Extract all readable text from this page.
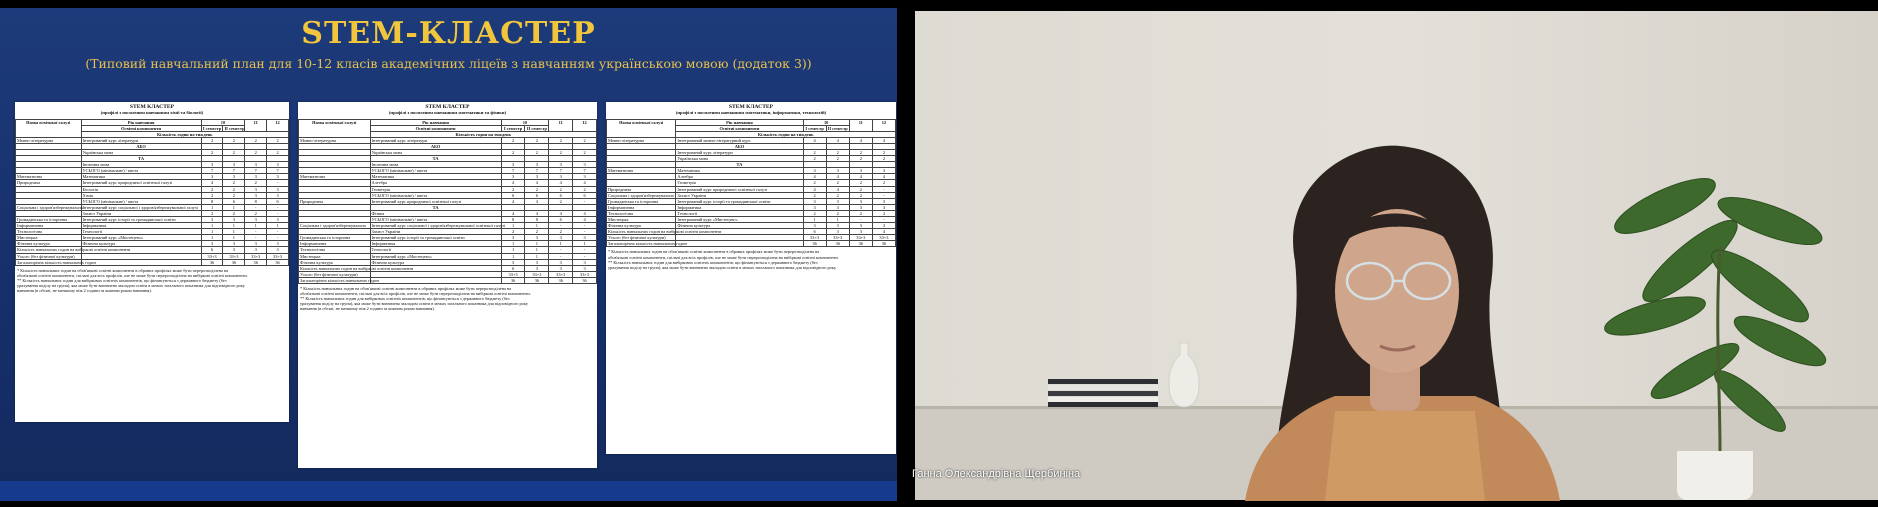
STEM-КЛАСТЕР
(Типовий навчальний план для 10-12 класів академічних ліцеїв з навчанням українською мовою (додаток 3))
STEM КЛАСТЕР
(профілі з посиленим навчанням хімії та біології)
Назва освітньої галузі	Рік навчання	10		11	12
	Освітні компоненти	I семестр	II семестр		
	Кількість годин на тиждень				
Мовно-літературна	Інтегрований курс літератури	2	2	2	2
	АБО				
	Українська мова	2	2	2	2
	ТА				
	Іноземна мова	3	3	3	3
	УСЬОГО (мінімальне) / квота	7	7	7	7
Математична	Математика	3	3	3	3
Природнича	Інтегрований курс природничої освітньої галузі	4	2	2	-
	Біологія	2	2	3	3
	Хімія	2	2	3	3
	УСЬОГО (мінімальне) / квота	8	6	8	6
Соціальна і здоров'язбережувальна	Інтегрований курс соціальної і здоров'язбережувальної галузі	1	1	-	-
	Захист України	2	2	2	-
Громадянська та історична	Інтегрований курс історії та громадянської освіти	3	3	3	3
Інформатична	Інформатика	1	1	1	1
Технологічна	Технології	1	1	-	-
Мистецька	Інтегрований курс «Мистецтво»	1	1	-	-
Фізична культура	Фізична культура	3	3	3	3
Кількість навчальних годин на вибіркові освітні компоненти		6	3	3	3
Усього (без фізичної культури)		33+3	33+3	33+3	33+3
Загальнорічна кількість навчальних годин		36	36	36	36
* Кількість навчальних годин на обов'язкові освітні компоненти в обраних профілях може бути перерозподілена на
обов'язкові освітні компоненти, спільні для всіх профілів, але не може бути перерозподілена на вибіркові освітні компоненти.
** Кількість навчальних годин для вибіркових освітніх компонентів, що фінансуються з державного бюджету (без
урахування поділу на групи), яка може бути визначена закладом освіти в межах загального показника для відповідного року
навчання (в обсязі, не меншому ніж 2 години за кожним роком навчання).
STEM КЛАСТЕР
(профілі з посиленим навчанням математики та фізики)
Назва освітньої галузі	Рік навчання	10		11	12
	Освітні компоненти	I семестр	II семестр		
	Кількість годин на тиждень				
Мовно-літературна	Інтегрований курс літератури	2	2	2	2
	АБО				
	Українська мова	2	2	2	2
	ТА				
	Іноземна мова	3	3	3	3
	УСЬОГО (мінімальне) / квота	7	7	7	7
Математична	Математика	3	3	3	3
	Алгебра	4	4	4	4
	Геометрія	2	2	2	2
	УСЬОГО (мінімальне) / квота	6	6	6	6
Природнича	Інтегрований курс природничої освітньої галузі	4	4	2	-
	ТА				
	Фізика	4	4	4	4
	УСЬОГО (мінімальне) / квота	8	8	6	4
Соціальна і здоров'язбережувальна	Інтегрований курс соціальної і здоров'язбережувальної освітньої галузі	1	1	-	-
	Захист України	2	2	2	-
Громадянська та історична	Інтегрований курс історії та громадянської освіти	3	3	3	3
Інформатична	Інформатика	1	1	1	1
Технологічна	Технології	1	1	-	-
Мистецька	Інтегрований курс «Мистецтво»	1	1	-	-
Фізична культура	Фізична культура	3	3	3	3
Кількість навчальних годин на вибіркові освітні компоненти		6	3	3	3
Усього (без фізичної культури)		33+3	33+3	33+3	33+3
Загальнорічна кількість навчальних годин		36	36	36	36
* Кількість навчальних годин на обов'язкові освітні компоненти в обраних профілях може бути перерозподілена на
обов'язкові освітні компоненти, спільні для всіх профілів, але не може бути перерозподілена на вибіркові освітні компоненти.
** Кількість навчальних годин для вибіркових освітніх компонентів, що фінансуються з державного бюджету (без
урахування поділу на групи), яка може бути визначена закладом освіти в межах загального показника для відповідного року
навчання (в обсязі, не меншому ніж 2 години за кожним роком навчання).
STEM КЛАСТЕР
(профілі з посиленим навчанням математики, інформатики, технологій)
Назва освітньої галузі	Рік навчання	10		11	12
	Освітні компоненти	I семестр	II семестр		
	Кількість годин на тиждень				
Мовно-літературна	Інтегрований мовно-літературний курс	4	4	4	4
	АБО				
	Інтегрований курс літератури	2	2	2	2
	Українська мова	2	2	2	2
	ТА				
Математична	Математика	3	3	3	3
	Алгебра	4	4	4	4
	Геометрія	2	2	2	2
Природнича	Інтегрований курс природничої освітньої галузі	4	4	2	-
Соціальна і здоров'язбережувальна	Захист України	2	2	2	-
Громадянська та історична	Інтегрований курс історії та громадянської освіти	3	3	3	3
Інформатична	Інформатика	3	3	3	3
Технологічна	Технології	2	2	2	2
Мистецька	Інтегрований курс «Мистецтво»	1	1	-	-
Фізична культура	Фізична культура	3	3	3	3
Кількість навчальних годин на вибіркові освітні компоненти		6	3	3	4
Усього (без фізичної культури)		33+3	33+3	33+3	33+3
Загальнорічна кількість навчальних годин		36	36	36	36
* Кількість навчальних годин на обов'язкові освітні компоненти в обраних профілях може бути перерозподілена на
обов'язкові освітні компоненти, спільні для всіх профілів, але не може бути перерозподілена на вибіркові освітні компоненти.
** Кількість навчальних годин для вибіркових освітніх компонентів, що фінансуються з державного бюджету (без
урахування поділу на групи), яка може бути визначена закладом освіти в межах загального показника для відповідного року.
Ганна Олександрівна Щербиніна
